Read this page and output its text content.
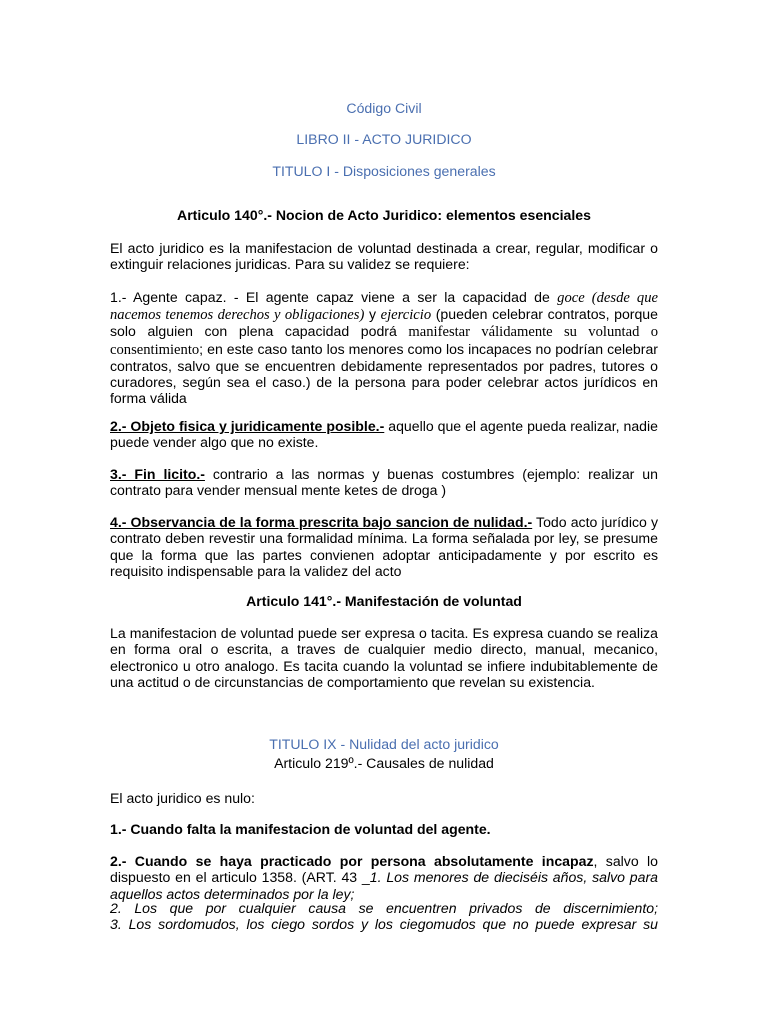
Código Civil

LIBRO II - ACTO JURIDICO

TITULO I - Disposiciones generales

Articulo 140°.- Nocion de Acto Juridico: elementos esenciales

El acto juridico es la manifestacion de voluntad destinada a crear, regular, modificar o extinguir relaciones juridicas. Para su validez se requiere:

1.- Agente capaz. - El agente capaz viene a ser la capacidad de goce (desde que nacemos tenemos derechos y obligaciones) y ejercicio (pueden celebrar contratos, porque solo alguien con plena capacidad podrá manifestar válidamente su voluntad o consentimiento; en este caso tanto los menores como los incapaces no podrían celebrar contratos, salvo que se encuentren debidamente representados por padres, tutores o curadores, según sea el caso.) de la persona para poder celebrar actos jurídicos en forma válida

2.- Objeto fisica y juridicamente posible.- aquello que el agente pueda realizar, nadie puede vender algo que no existe.

3.- Fin licito.- contrario a las normas y buenas costumbres (ejemplo: realizar un contrato para vender mensual mente ketes de droga )

4.- Observancia de la forma prescrita bajo sancion de nulidad.- Todo acto jurídico y contrato deben revestir una formalidad mínima. La forma señalada por ley, se presume que la forma que las partes convienen adoptar anticipadamente y por escrito es requisito indispensable para la validez del acto

Articulo 141°.- Manifestación de voluntad

La manifestacion de voluntad puede ser expresa o tacita. Es expresa cuando se realiza en forma oral o escrita, a traves de cualquier medio directo, manual, mecanico, electronico u otro analogo. Es tacita cuando la voluntad se infiere indubitablemente de una actitud o de circunstancias de comportamiento que revelan su existencia.

TITULO IX - Nulidad del acto juridico

Articulo 219º.- Causales de nulidad

El acto juridico es nulo:

1.- Cuando falta la manifestacion de voluntad del agente.

2.- Cuando se haya practicado por persona absolutamente incapaz, salvo lo dispuesto en el articulo 1358. (ART. 43 _1. Los menores de dieciséis años, salvo para aquellos actos determinados por la ley;

2. Los que por cualquier causa se encuentren privados de discernimiento;

3. Los sordomudos, los ciego sordos y los ciegomudos que no puede expresar su
